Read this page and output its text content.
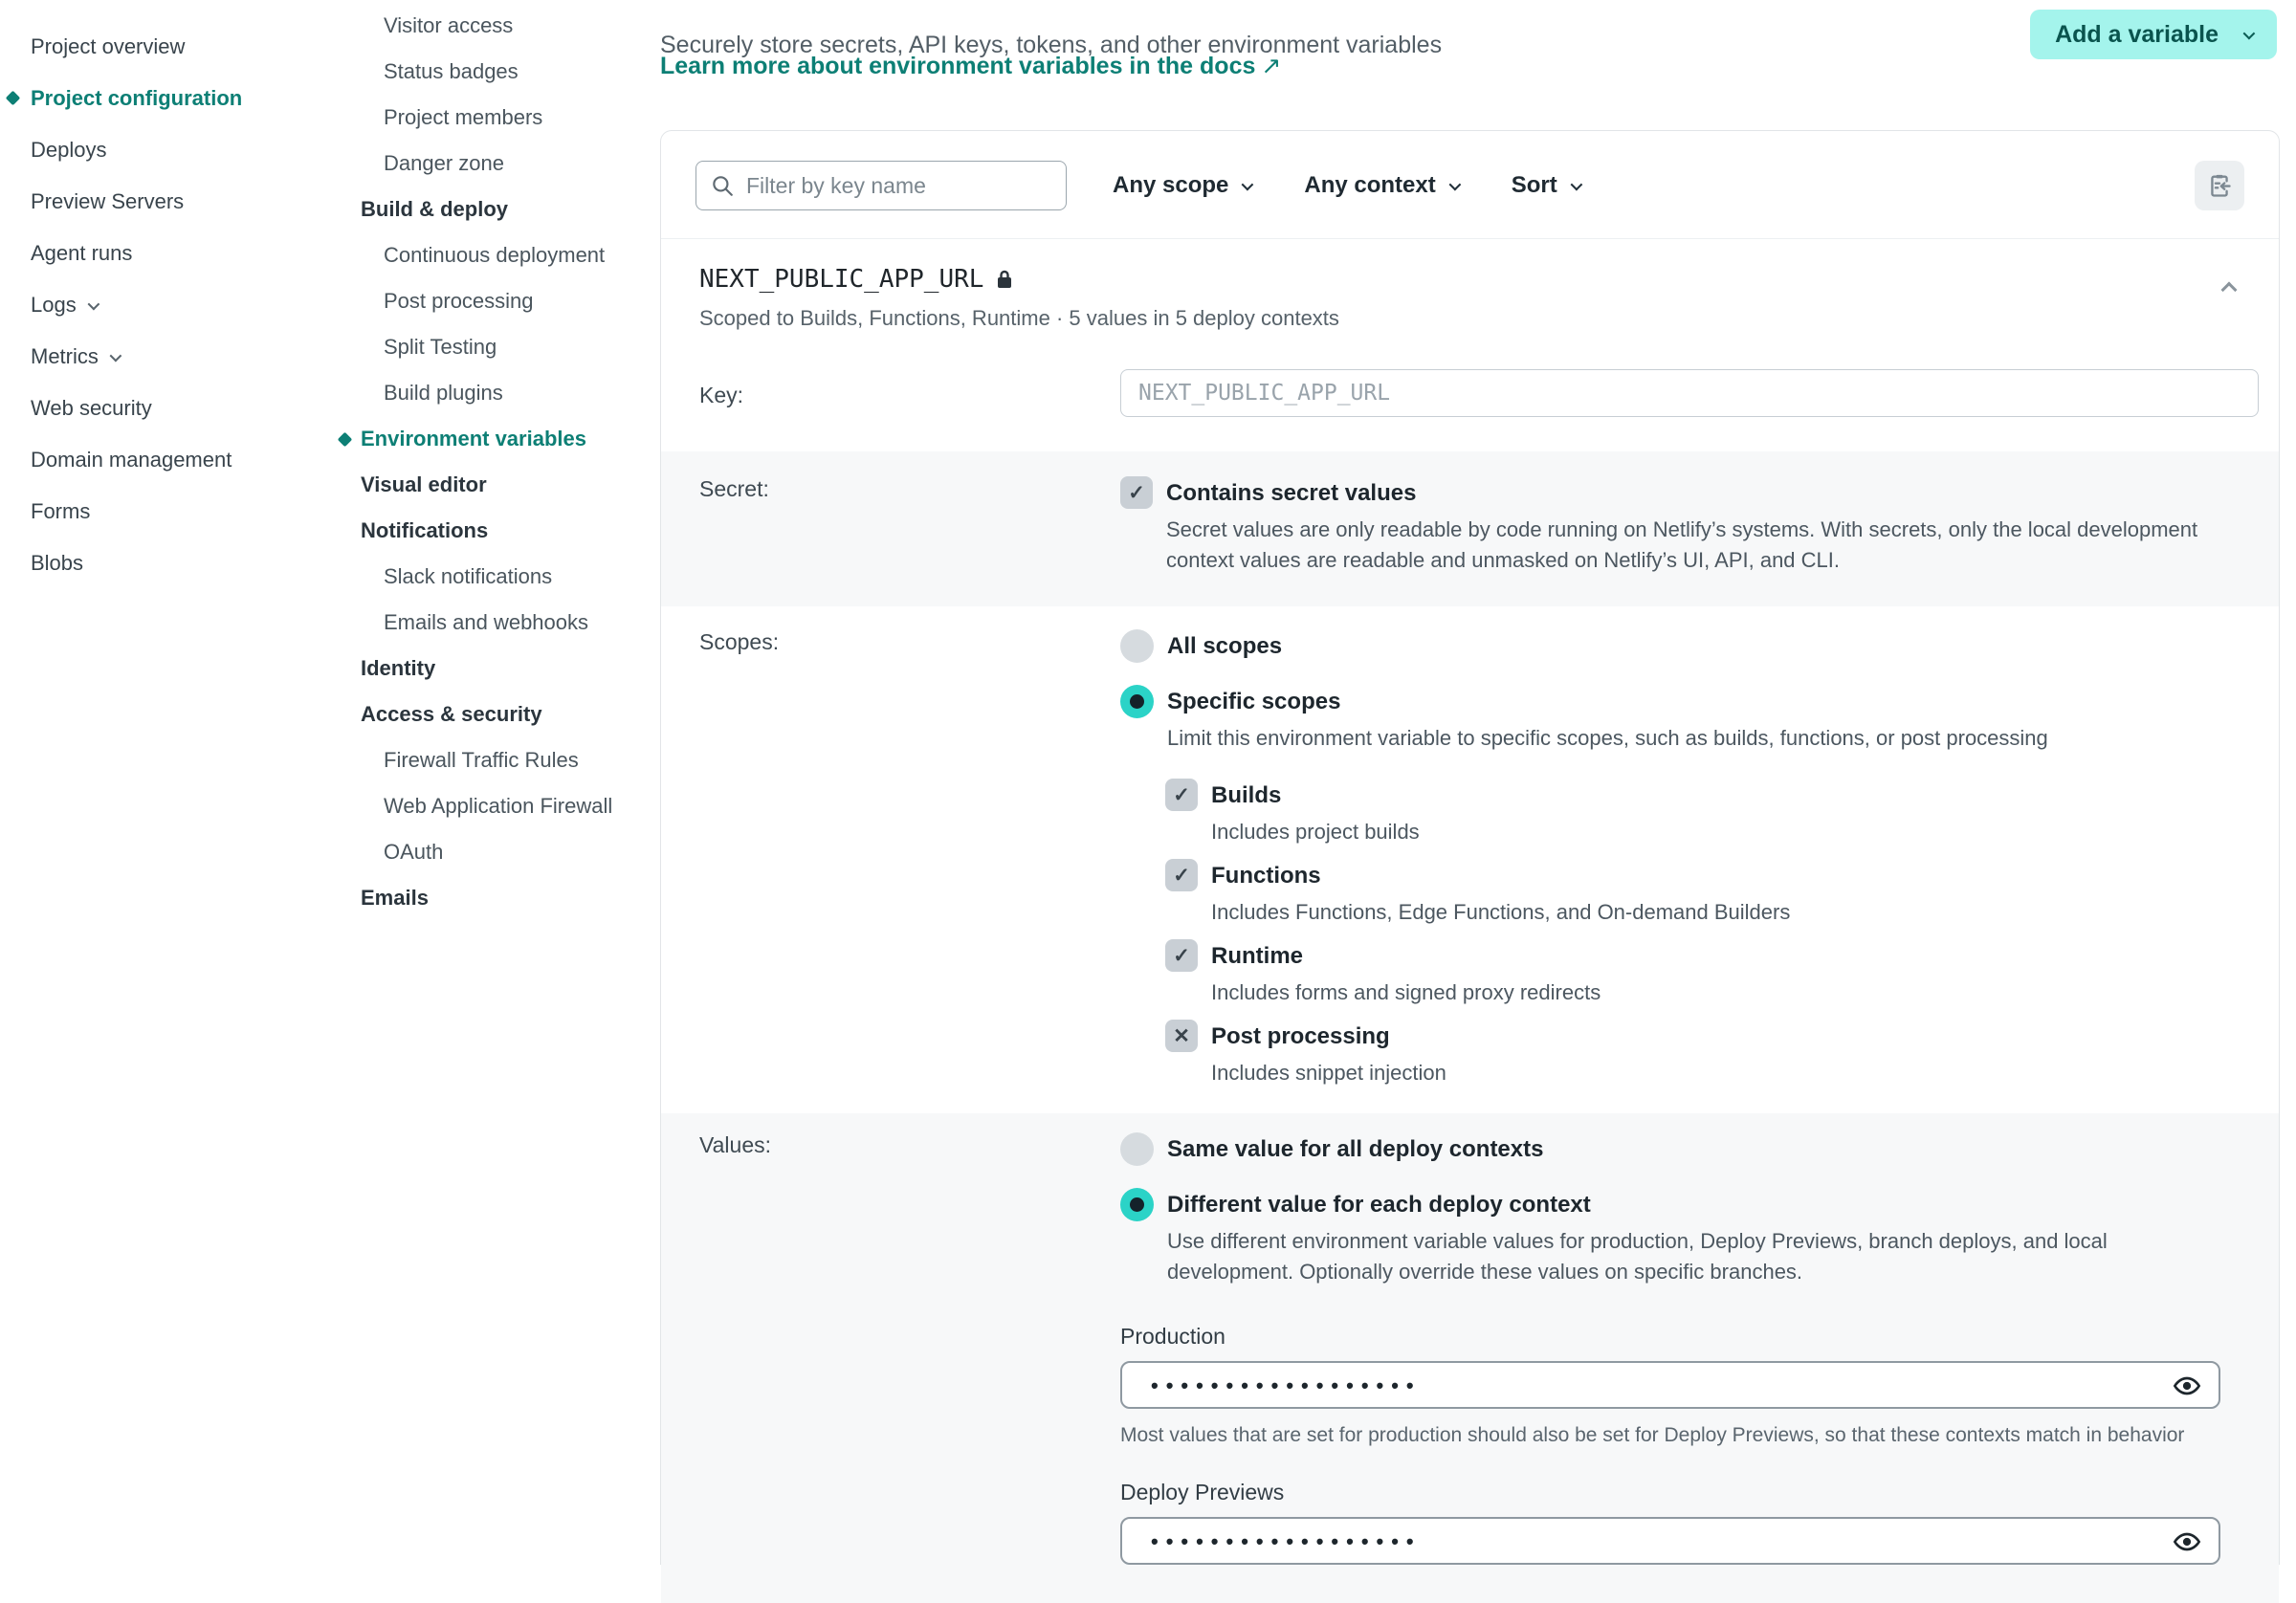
Project overview
Project configuration
Deploys
Preview Servers
Agent runs
Logs
Metrics
Web security
Domain management
Forms
Blobs
Visitor access
Status badges
Project members
Danger zone
Build & deploy
Continuous deployment
Post processing
Split Testing
Build plugins
Environment variables
Visual editor
Notifications
Slack notifications
Emails and webhooks
Identity
Access & security
Firewall Traffic Rules
Web Application Firewall
OAuth
Emails

Securely store secrets, API keys, tokens, and other environment variables

Learn more about environment variables in the docs ↗
Add a variable
Filter by key name
Any scope	Any context	Sort
NEXT_PUBLIC_APP_URL
Scoped to Builds, Functions, Runtime · 5 values in 5 deploy contexts
Key:
NEXT_PUBLIC_APP_URL
Secret:	✓ Contains secret values
Secret values are only readable by code running on Netlify’s systems. With secrets, only the local development context values are readable and unmasked on Netlify’s UI, API, and CLI.
Scopes:	All scopes
Specific scopes
Limit this environment variable to specific scopes, such as builds, functions, or post processing
✓ Builds
Includes project builds
✓ Functions
Includes Functions, Edge Functions, and On-demand Builders
✓ Runtime
Includes forms and signed proxy redirects
✕ Post processing
Includes snippet injection
Values:	Same value for all deploy contexts
Different value for each deploy context
Use different environment variable values for production, Deploy Previews, branch deploys, and local development. Optionally override these values on specific branches.
Production
••••••••••••••••••
Most values that are set for production should also be set for Deploy Previews, so that these contexts match in behavior
Deploy Previews
••••••••••••••••••
